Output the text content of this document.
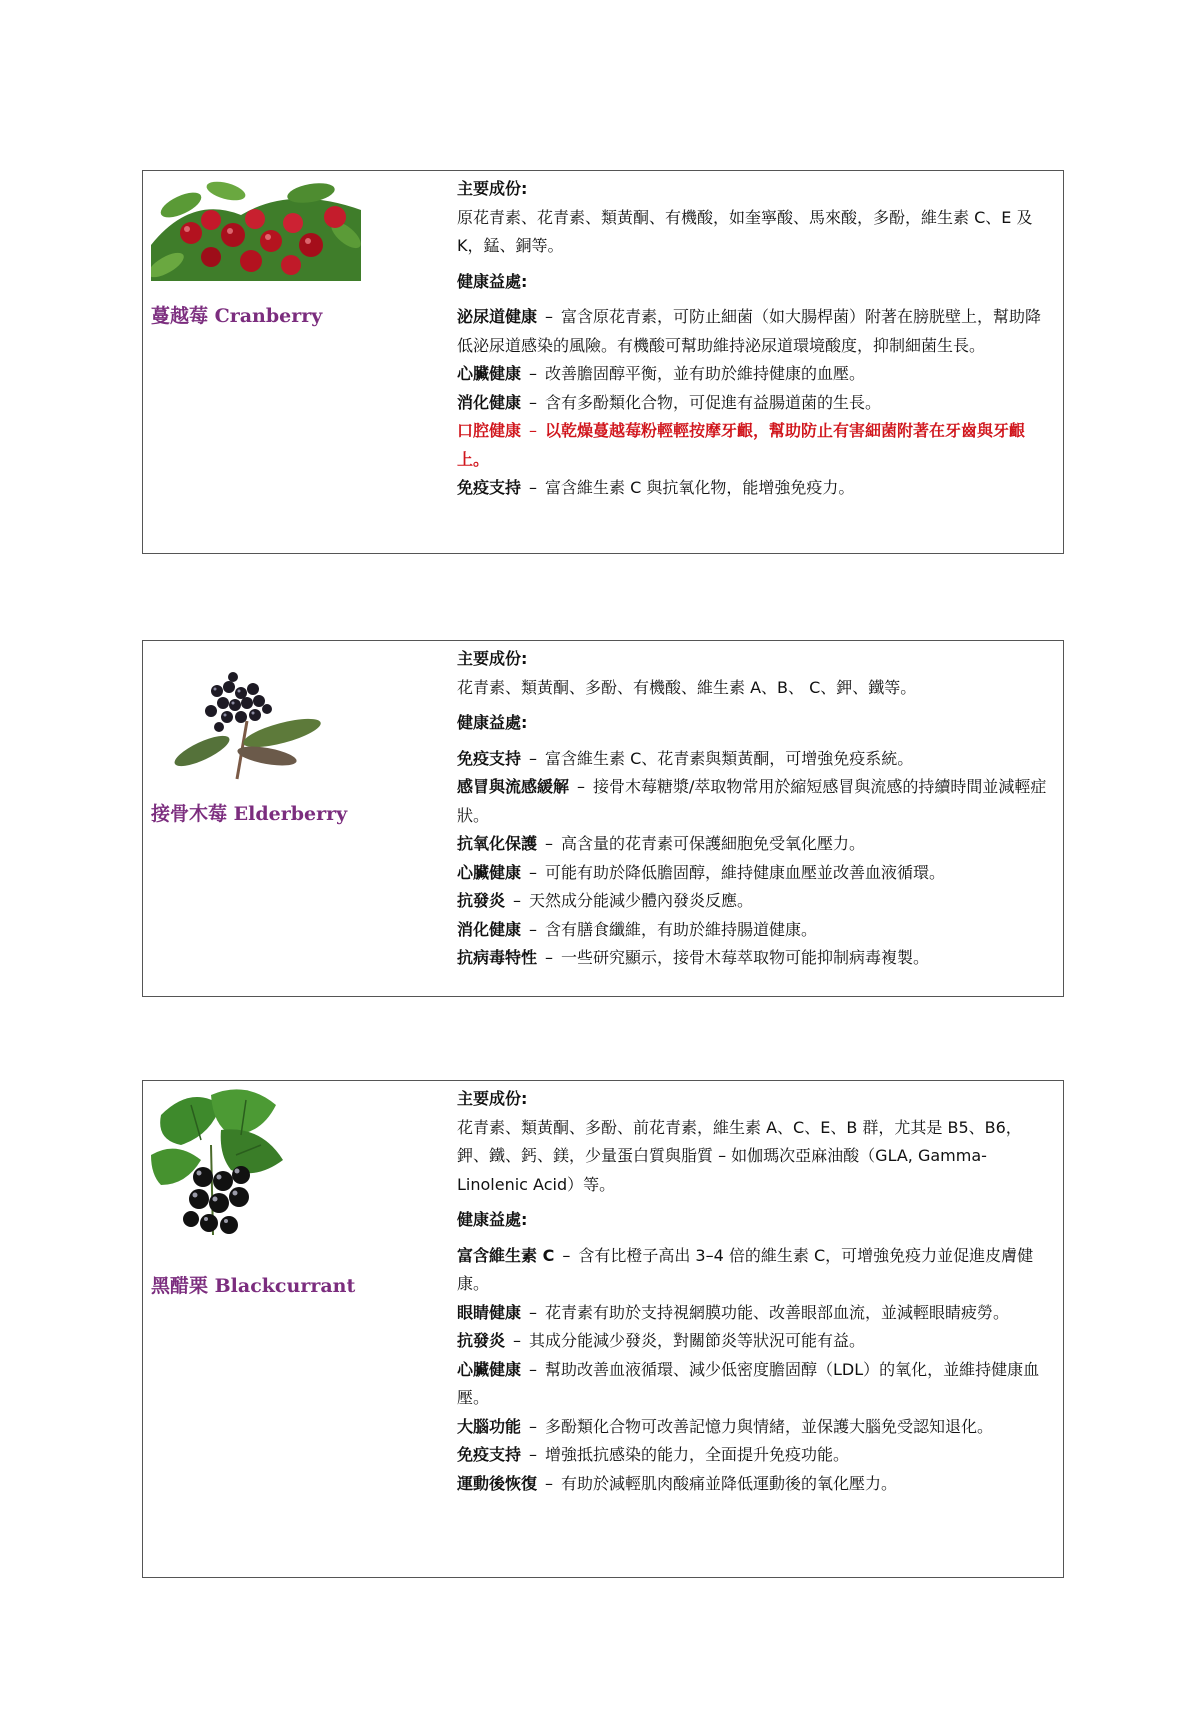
蔓越莓 Cranberry

主要成份:

原花青素、花青素、類黃酮、有機酸，如奎寧酸、馬來酸，多酚，維生素 C、E 及 K，錳、銅等。

健康益處:

泌尿道健康 – 富含原花青素，可防止細菌（如大腸桿菌）附著在膀胱壁上，幫助降低泌尿道感染的風險。有機酸可幫助維持泌尿道環境酸度，抑制細菌生長。

心臟健康 – 改善膽固醇平衡，並有助於維持健康的血壓。

消化健康 – 含有多酚類化合物，可促進有益腸道菌的生長。

口腔健康 – 以乾燥蔓越莓粉輕輕按摩牙齦，幫助防止有害細菌附著在牙齒與牙齦上。

免疫支持 – 富含維生素 C 與抗氧化物，能增強免疫力。

接骨木莓 Elderberry

主要成份:

花青素、類黃酮、多酚、有機酸、維生素 A、B、 C、鉀、鐵等。

健康益處:

免疫支持 – 富含維生素 C、花青素與類黃酮，可增強免疫系統。

感冒與流感緩解 – 接骨木莓糖漿/萃取物常用於縮短感冒與流感的持續時間並減輕症狀。

抗氧化保護 – 高含量的花青素可保護細胞免受氧化壓力。

心臟健康 – 可能有助於降低膽固醇，維持健康血壓並改善血液循環。

抗發炎 – 天然成分能減少體內發炎反應。

消化健康 – 含有膳食纖維，有助於維持腸道健康。

抗病毒特性 – 一些研究顯示，接骨木莓萃取物可能抑制病毒複製。

黑醋栗 Blackcurrant

主要成份:

花青素、類黃酮、多酚、前花青素，維生素 A、C、E、B 群，尤其是 B5、B6，鉀、鐵、鈣、鎂，少量蛋白質與脂質 – 如伽瑪次亞麻油酸（GLA, Gamma-Linolenic Acid）等。

健康益處:

富含維生素 C – 含有比橙子高出 3–4 倍的維生素 C，可增強免疫力並促進皮膚健康。

眼睛健康 – 花青素有助於支持視網膜功能、改善眼部血流，並減輕眼睛疲勞。

抗發炎 – 其成分能減少發炎，對關節炎等狀況可能有益。

心臟健康 – 幫助改善血液循環、減少低密度膽固醇（LDL）的氧化，並維持健康血壓。

大腦功能 – 多酚類化合物可改善記憶力與情緒，並保護大腦免受認知退化。

免疫支持 – 增強抵抗感染的能力，全面提升免疫功能。

運動後恢復 – 有助於減輕肌肉酸痛並降低運動後的氧化壓力。
